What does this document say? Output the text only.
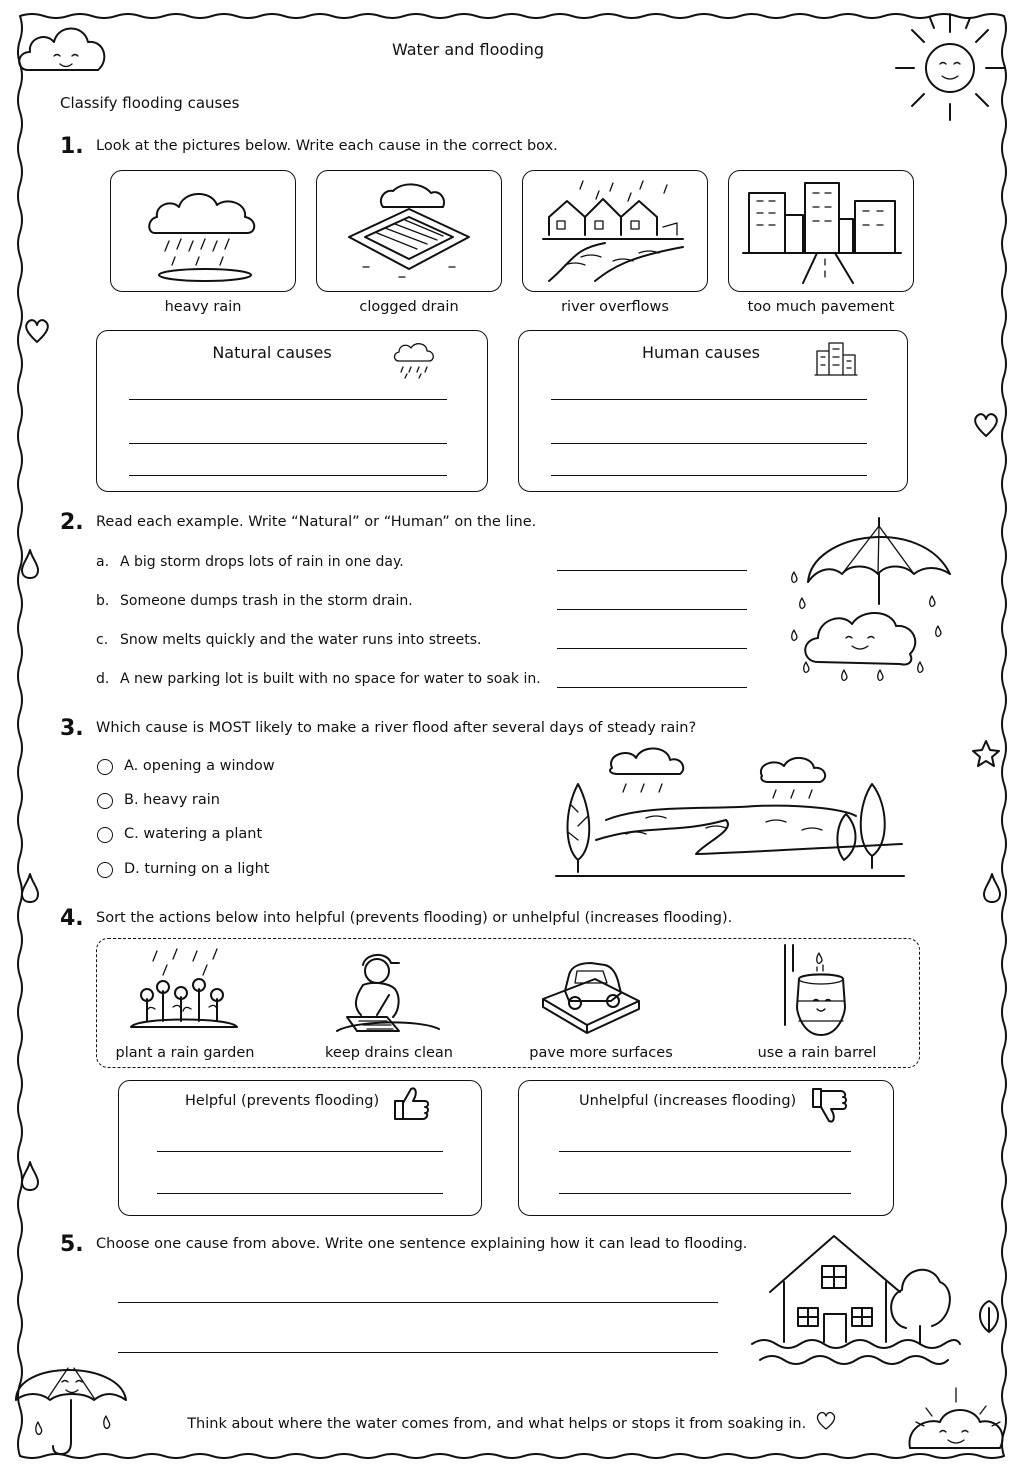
Water and flooding
Classify flooding causes
1. Look at the pictures below. Write each cause in the correct box.
heavy rain	clogged drain	river overflows	too much pavement
Natural causes	Human causes
2. Read each example. Write “Natural” or “Human” on the line.
a. A big storm drops lots of rain in one day.
b. Someone dumps trash in the storm drain.
c. Snow melts quickly and the water runs into streets.
d. A new parking lot is built with no space for water to soak in.
3. Which cause is MOST likely to make a river flood after several days of steady rain?
A. opening a window
B. heavy rain
C. watering a plant
D. turning on a light
4. Sort the actions below into helpful (prevents flooding) or unhelpful (increases flooding).
plant a rain garden	keep drains clean	pave more surfaces	use a rain barrel
Helpful (prevents flooding)	Unhelpful (increases flooding)
5. Choose one cause from above. Write one sentence explaining how it can lead to flooding.
Think about where the water comes from, and what helps or stops it from soaking in.
